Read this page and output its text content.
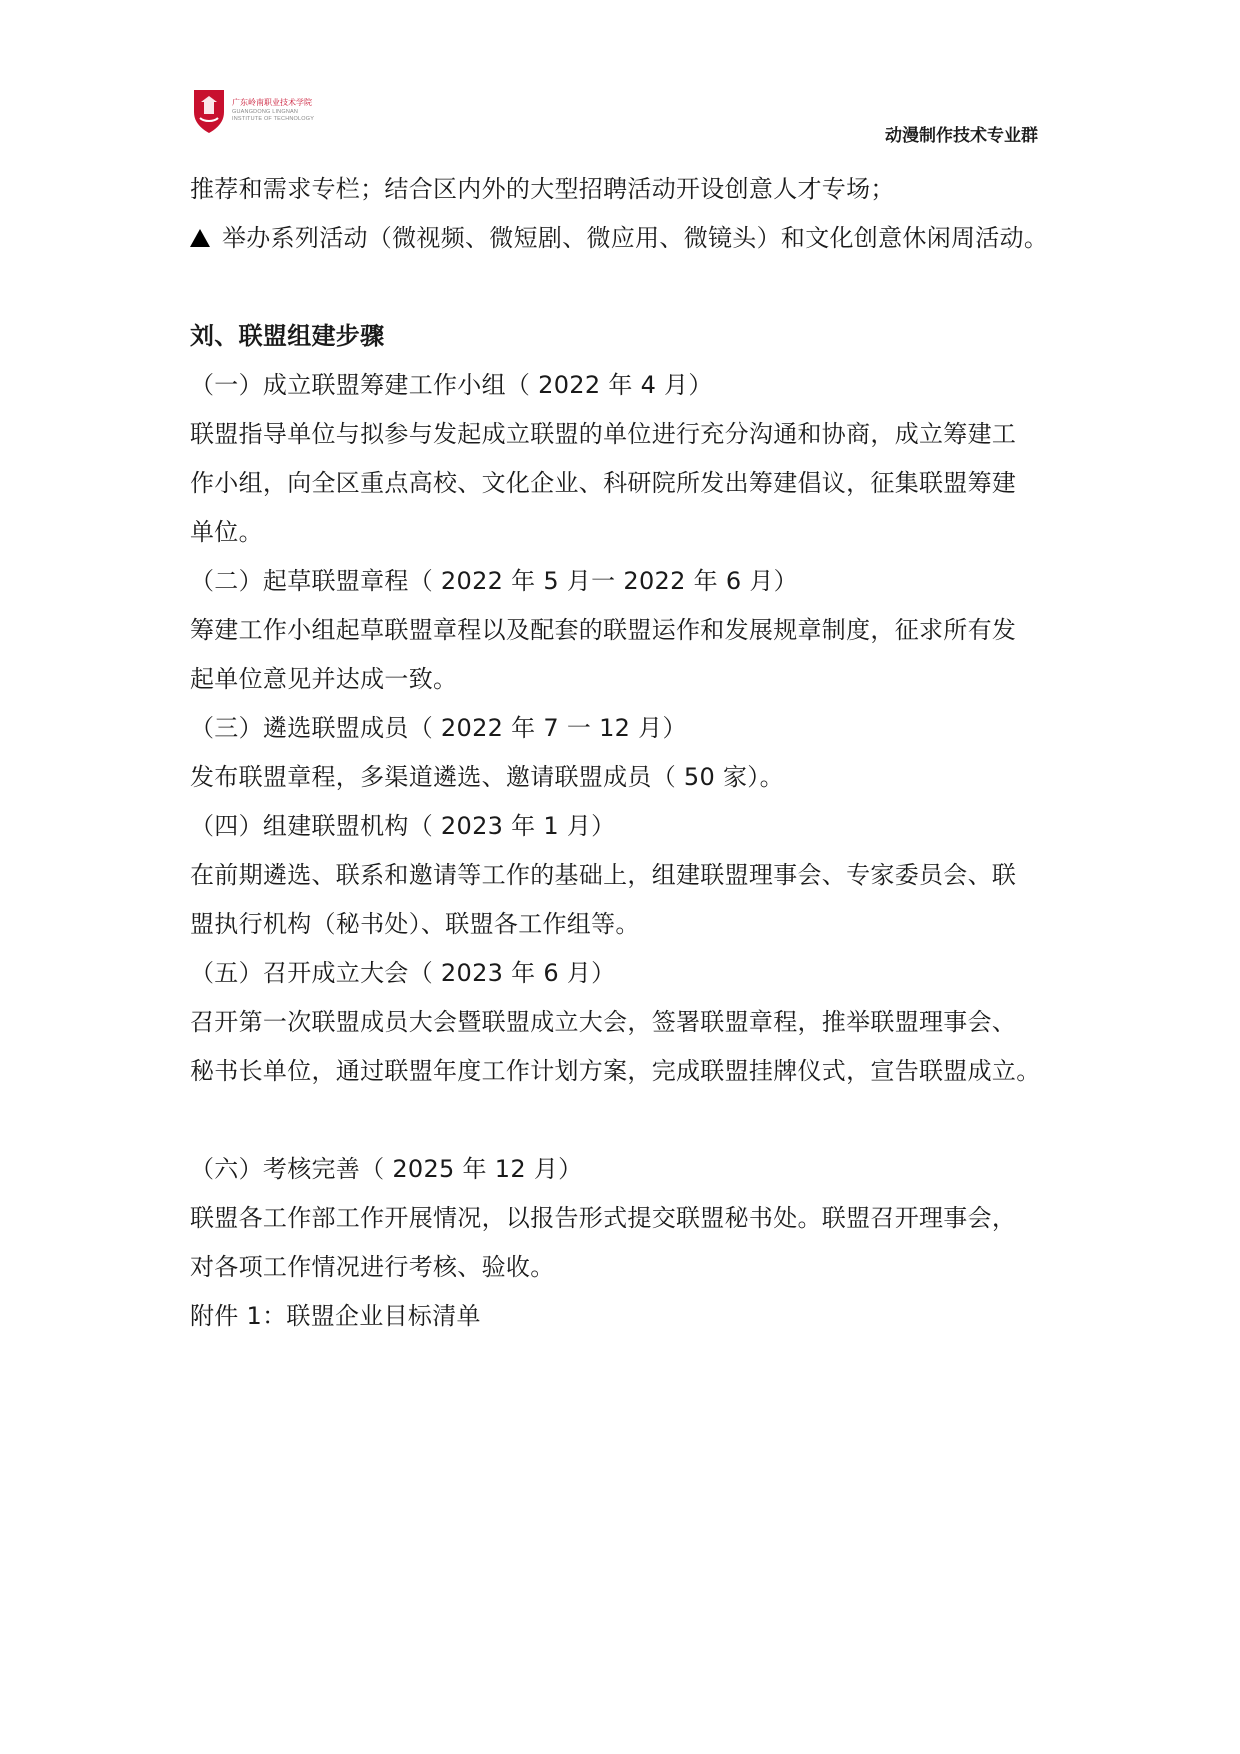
广东岭南职业技术学院
GUANGDONG LINGNAN
INSTITUTE OF TECHNOLOGY
动漫制作技术专业群
推荐和需求专栏；结合区内外的大型招聘活动开设创意人才专场；
举办系列活动（微视频、微短剧、微应用、微镜头）和文化创意休闲周活动。
刘、联盟组建步骤
（一）成立联盟筹建工作小组（ 2022 年 4 月）
联盟指导单位与拟参与发起成立联盟的单位进行充分沟通和协商，成立筹建工
作小组，向全区重点高校、文化企业、科研院所发出筹建倡议，征集联盟筹建
单位。
（二）起草联盟章程（ 2022 年 5 月一 2022 年 6 月）
筹建工作小组起草联盟章程以及配套的联盟运作和发展规章制度，征求所有发
起单位意见并达成一致。
（三）遴选联盟成员（ 2022 年 7 一 12 月）
发布联盟章程，多渠道遴选、邀请联盟成员（ 50 家）。
（四）组建联盟机构（ 2023 年 1 月）
在前期遴选、联系和邀请等工作的基础上，组建联盟理事会、专家委员会、联
盟执行机构（秘书处）、联盟各工作组等。
（五）召开成立大会（ 2023 年 6 月）
召开第一次联盟成员大会暨联盟成立大会，签署联盟章程，推举联盟理事会、
秘书长单位，通过联盟年度工作计划方案，完成联盟挂牌仪式，宣告联盟成立。
（六）考核完善（ 2025 年 12 月）
联盟各工作部工作开展情况，以报告形式提交联盟秘书处。联盟召开理事会，
对各项工作情况进行考核、验收。
附件 1：联盟企业目标清单
